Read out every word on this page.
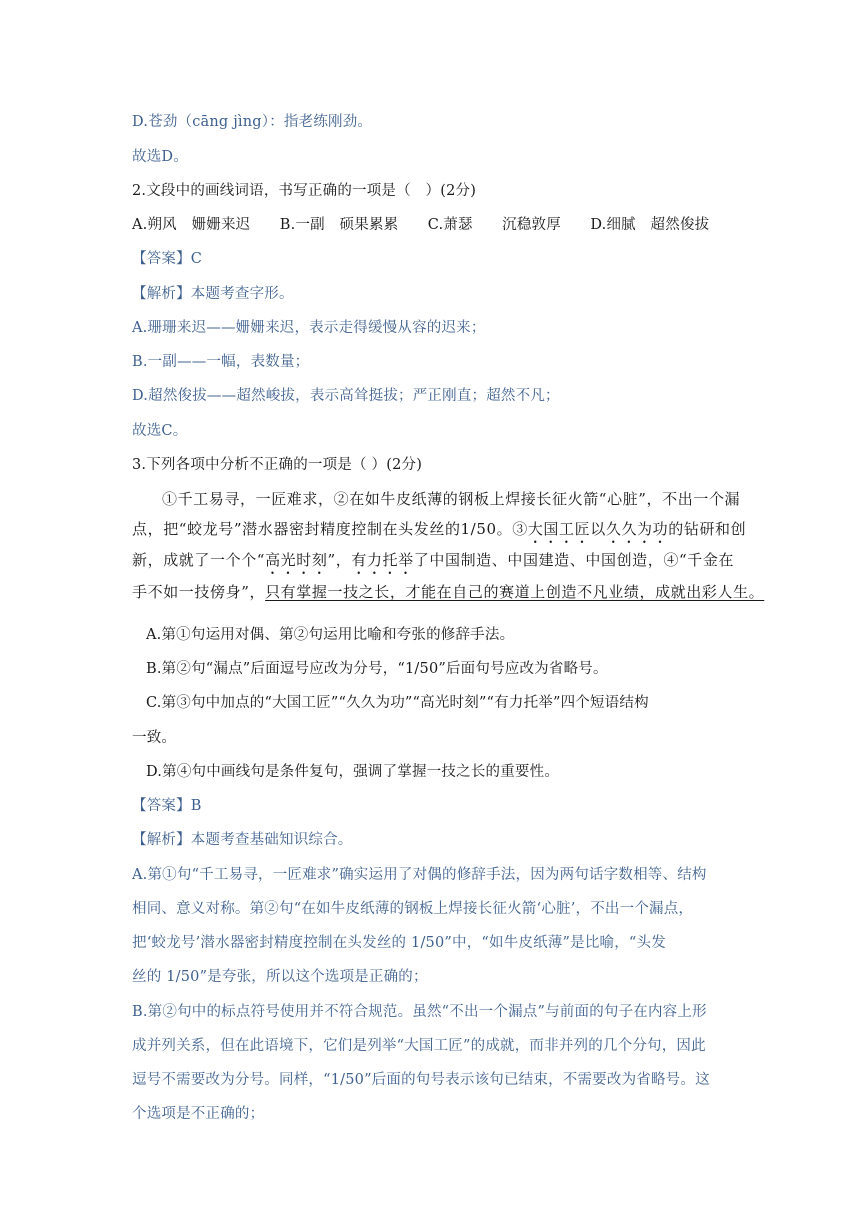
D.苍劲（cāng jìng）：指老练刚劲。
故选D。
2.文段中的画线词语，书写正确的一项是（　）(2分)
A.朔风　姗姗来迟　　B.一副　硕果累累　　C.萧瑟　　沉稳敦厚　　D.细腻　超然俊拔
【答案】C
【解析】本题考查字形。
A.珊珊来迟——姗姗来迟，表示走得缓慢从容的迟来；
B.一副——一幅，表数量；
D.超然俊拔——超然峻拔，表示高耸挺拔；严正刚直；超然不凡；
故选C。
3.下列各项中分析不正确的一项是（ ）(2分)
①千工易寻，一匠难求，②在如牛皮纸薄的钢板上焊接长征火箭“心脏”，不出一个漏
点，把“蛟龙号”潜水器密封精度控制在头发丝的1/50。③大国工匠以久久为功的钻研和创
新，成就了一个个“高光时刻”，有力托举了中国制造、中国建造、中国创造，④“千金在
手不如一技傍身”，只有掌握一技之长，才能在自己的赛道上创造不凡业绩，成就出彩人生。
A.第①句运用对偶、第②句运用比喻和夸张的修辞手法。
B.第②句“漏点”后面逗号应改为分号，“1/50”后面句号应改为省略号。
C.第③句中加点的“大国工匠”“久久为功”“高光时刻”“有力托举”四个短语结构
一致。
D.第④句中画线句是条件复句，强调了掌握一技之长的重要性。
【答案】B
【解析】本题考查基础知识综合。
A.第①句“千工易寻，一匠难求”确实运用了对偶的修辞手法，因为两句话字数相等、结构
相同、意义对称。第②句“在如牛皮纸薄的钢板上焊接长征火箭‘心脏’，不出一个漏点，
把‘蛟龙号’潜水器密封精度控制在头发丝的 1/50”中，“如牛皮纸薄”是比喻，“头发
丝的 1/50”是夸张，所以这个选项是正确的；
B.第②句中的标点符号使用并不符合规范。虽然“不出一个漏点”与前面的句子在内容上形
成并列关系，但在此语境下，它们是列举“大国工匠”的成就，而非并列的几个分句，因此
逗号不需要改为分号。同样，“1/50”后面的句号表示该句已结束，不需要改为省略号。这
个选项是不正确的；
